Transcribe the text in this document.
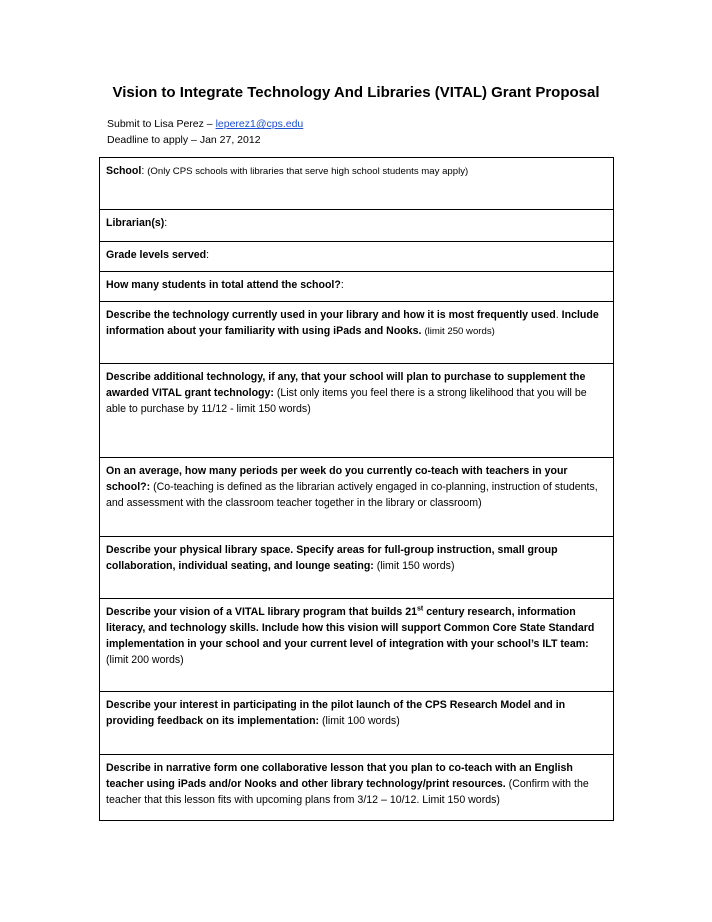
Vision to Integrate Technology And Libraries (VITAL) Grant Proposal

Submit to Lisa Perez – leperez1@cps.edu

Deadline to apply – Jan 27, 2012

School: (Only CPS schools with libraries that serve high school students may apply)
Librarian(s):
Grade levels served:
How many students in total attend the school?:
Describe the technology currently used in your library and how it is most frequently used. Include information about your familiarity with using iPads and Nooks. (limit 250 words)
Describe additional technology, if any, that your school will plan to purchase to supplement the awarded VITAL grant technology: (List only items you feel there is a strong likelihood that you will be able to purchase by 11/12 - limit 150 words)
On an average, how many periods per week do you currently co-teach with teachers in your school?: (Co-teaching is defined as the librarian actively engaged in co-planning, instruction of students, and assessment with the classroom teacher together in the library or classroom)
Describe your physical library space. Specify areas for full-group instruction, small group collaboration, individual seating, and lounge seating: (limit 150 words)
Describe your vision of a VITAL library program that builds 21st century research, information literacy, and technology skills. Include how this vision will support Common Core State Standard implementation in your school and your current level of integration with your school’s ILT team: (limit 200 words)
Describe your interest in participating in the pilot launch of the CPS Research Model and in providing feedback on its implementation: (limit 100 words)
Describe in narrative form one collaborative lesson that you plan to co-teach with an English teacher using iPads and/or Nooks and other library technology/print resources. (Confirm with the teacher that this lesson fits with upcoming plans from 3/12 – 10/12. Limit 150 words)
